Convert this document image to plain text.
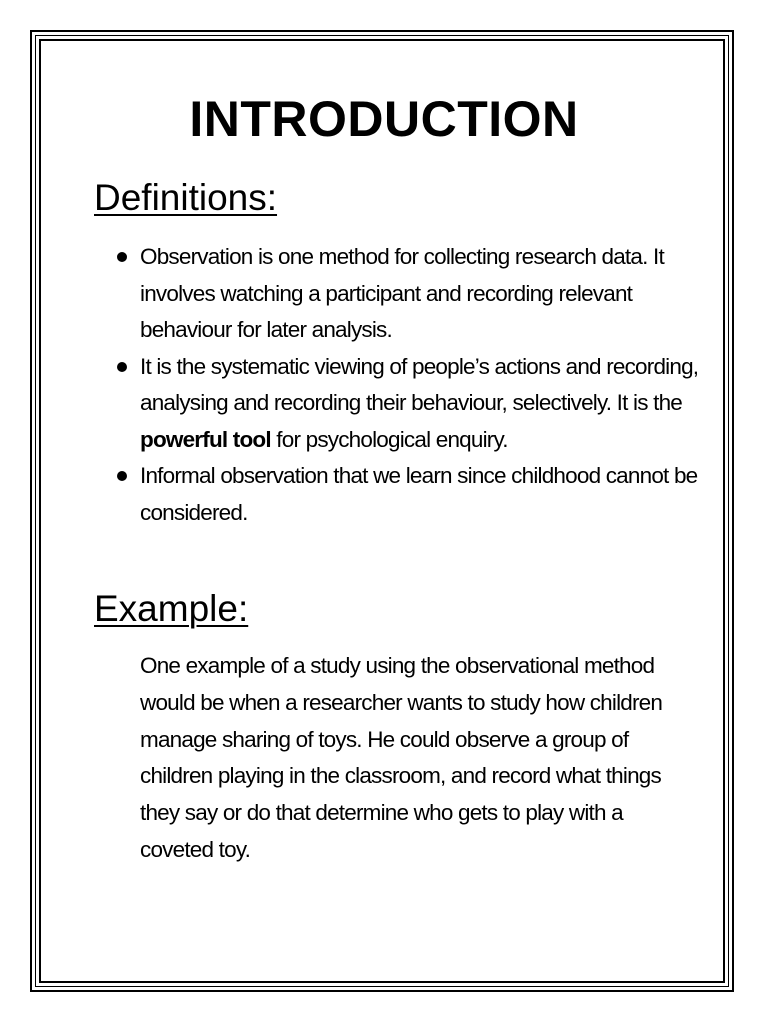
INTRODUCTION
Definitions:
Observation is one method for collecting research data. It involves watching a participant and recording relevant behaviour for later analysis.
It is the systematic viewing of people’s actions and recording, analysing and recording their behaviour, selectively. It is the powerful tool for psychological enquiry.
Informal observation that we learn since childhood cannot be considered.
Example:

One example of a study using the observational method would be when a researcher wants to study how children manage sharing of toys. He could observe a group of children playing in the classroom, and record what things they say or do that determine who gets to play with a coveted toy.
